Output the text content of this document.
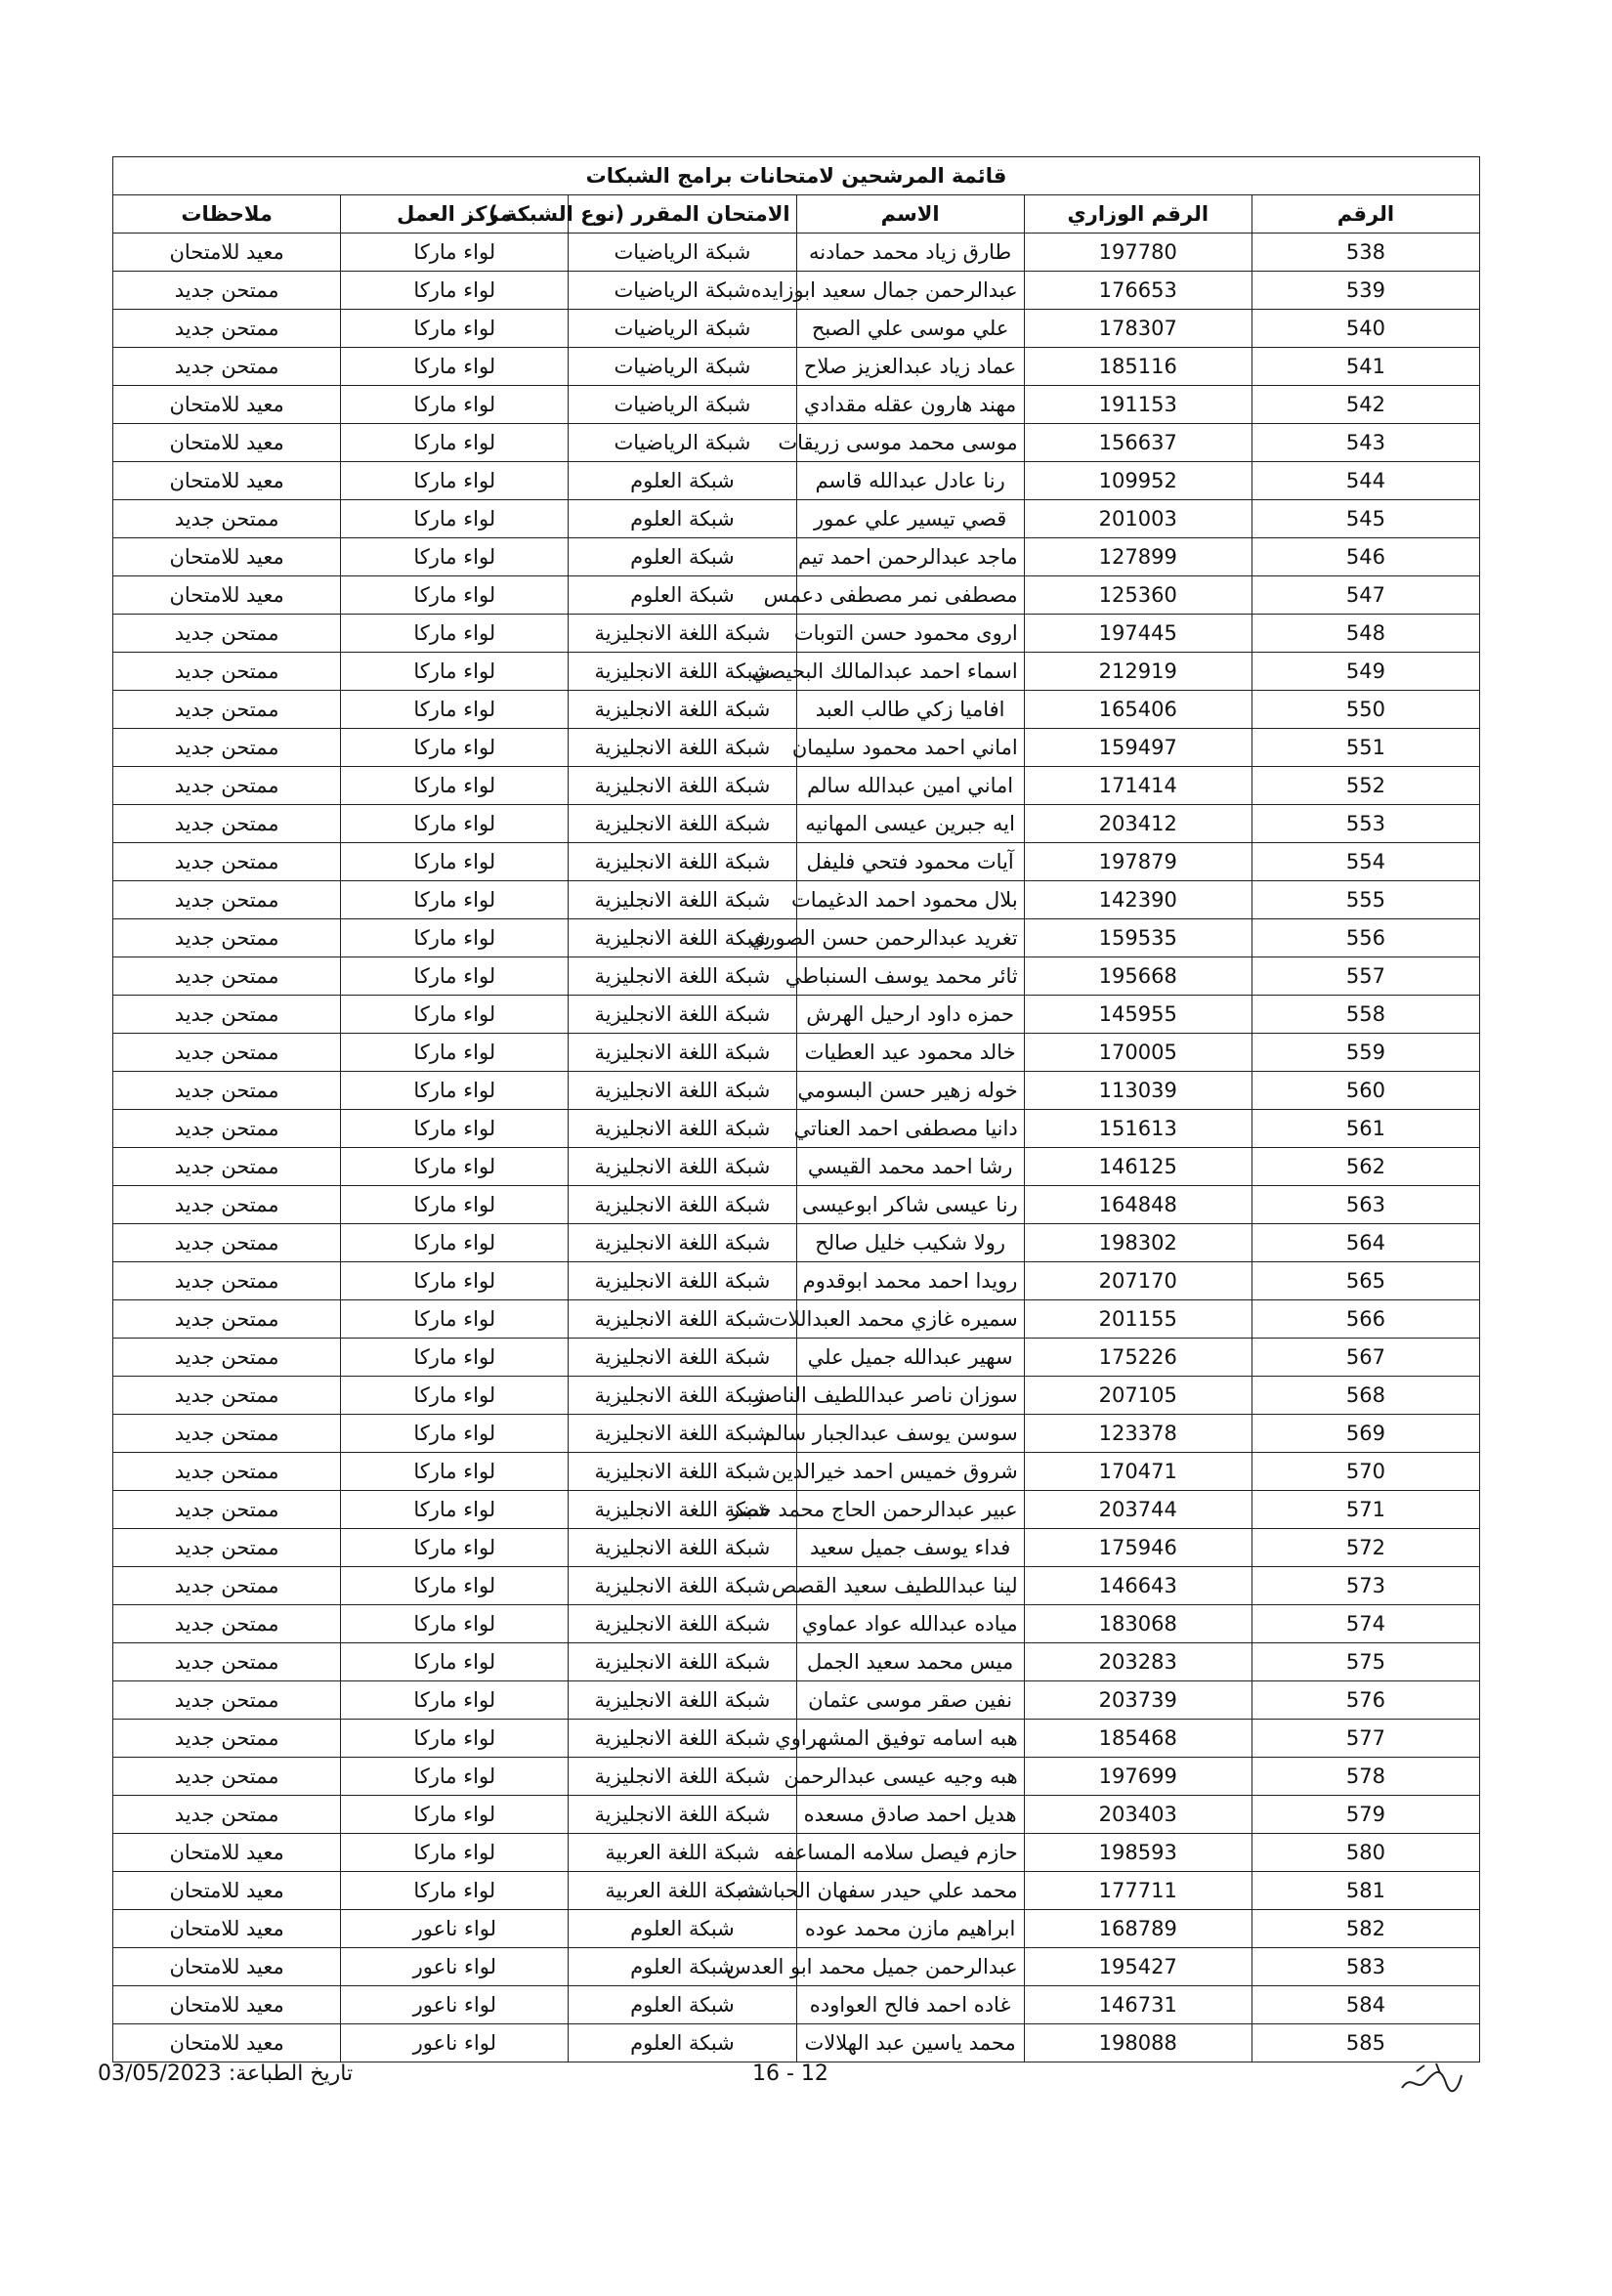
قائمة المرشحين لامتحانات برامج الشبكات					
الرقم	الرقم الوزاري	الاسم	الامتحان المقرر (نوع الشبكة )	مركز العمل	ملاحظات
538	197780	طارق زياد محمد حمادنه	شبكة الرياضيات	لواء ماركا	معيد للامتحان
539	176653	عبدالرحمن جمال سعيد ابوزايده	شبكة الرياضيات	لواء ماركا	ممتحن جديد
540	178307	علي موسى علي الصبح	شبكة الرياضيات	لواء ماركا	ممتحن جديد
541	185116	عماد زياد عبدالعزيز صلاح	شبكة الرياضيات	لواء ماركا	ممتحن جديد
542	191153	مهند هارون عقله مقدادي	شبكة الرياضيات	لواء ماركا	معيد للامتحان
543	156637	موسى محمد موسى زريقات	شبكة الرياضيات	لواء ماركا	معيد للامتحان
544	109952	رنا عادل عبدالله قاسم	شبكة العلوم	لواء ماركا	معيد للامتحان
545	201003	قصي تيسير علي عمور	شبكة العلوم	لواء ماركا	ممتحن جديد
546	127899	ماجد عبدالرحمن احمد تيم	شبكة العلوم	لواء ماركا	معيد للامتحان
547	125360	مصطفى نمر مصطفى دعمس	شبكة العلوم	لواء ماركا	معيد للامتحان
548	197445	اروى محمود حسن التوبات	شبكة اللغة الانجليزية	لواء ماركا	ممتحن جديد
549	212919	اسماء احمد عبدالمالك البحيصي	شبكة اللغة الانجليزية	لواء ماركا	ممتحن جديد
550	165406	افاميا زكي طالب العبد	شبكة اللغة الانجليزية	لواء ماركا	ممتحن جديد
551	159497	اماني احمد محمود سليمان	شبكة اللغة الانجليزية	لواء ماركا	ممتحن جديد
552	171414	اماني امين عبدالله سالم	شبكة اللغة الانجليزية	لواء ماركا	ممتحن جديد
553	203412	ايه جبرين عيسى المهانيه	شبكة اللغة الانجليزية	لواء ماركا	ممتحن جديد
554	197879	آيات محمود فتحي فليفل	شبكة اللغة الانجليزية	لواء ماركا	ممتحن جديد
555	142390	بلال محمود احمد الدغيمات	شبكة اللغة الانجليزية	لواء ماركا	ممتحن جديد
556	159535	تغريد عبدالرحمن حسن الصوري	شبكة اللغة الانجليزية	لواء ماركا	ممتحن جديد
557	195668	ثائر محمد يوسف السنباطي	شبكة اللغة الانجليزية	لواء ماركا	ممتحن جديد
558	145955	حمزه داود ارحيل الهرش	شبكة اللغة الانجليزية	لواء ماركا	ممتحن جديد
559	170005	خالد محمود عيد العطيات	شبكة اللغة الانجليزية	لواء ماركا	ممتحن جديد
560	113039	خوله زهير حسن البسومي	شبكة اللغة الانجليزية	لواء ماركا	ممتحن جديد
561	151613	دانيا مصطفى احمد العناتي	شبكة اللغة الانجليزية	لواء ماركا	ممتحن جديد
562	146125	رشا احمد محمد القيسي	شبكة اللغة الانجليزية	لواء ماركا	ممتحن جديد
563	164848	رنا عيسى شاكر ابوعيسى	شبكة اللغة الانجليزية	لواء ماركا	ممتحن جديد
564	198302	رولا شكيب خليل صالح	شبكة اللغة الانجليزية	لواء ماركا	ممتحن جديد
565	207170	رويدا احمد محمد ابوقدوم	شبكة اللغة الانجليزية	لواء ماركا	ممتحن جديد
566	201155	سميره غازي محمد العبداللات	شبكة اللغة الانجليزية	لواء ماركا	ممتحن جديد
567	175226	سهير عبدالله جميل علي	شبكة اللغة الانجليزية	لواء ماركا	ممتحن جديد
568	207105	سوزان ناصر عبداللطيف الناصر	شبكة اللغة الانجليزية	لواء ماركا	ممتحن جديد
569	123378	سوسن يوسف عبدالجبار سالم	شبكة اللغة الانجليزية	لواء ماركا	ممتحن جديد
570	170471	شروق خميس احمد خيرالدين	شبكة اللغة الانجليزية	لواء ماركا	ممتحن جديد
571	203744	عبير عبدالرحمن الحاج محمد خضر	شبكة اللغة الانجليزية	لواء ماركا	ممتحن جديد
572	175946	فداء يوسف جميل سعيد	شبكة اللغة الانجليزية	لواء ماركا	ممتحن جديد
573	146643	لينا عبداللطيف سعيد القصص	شبكة اللغة الانجليزية	لواء ماركا	ممتحن جديد
574	183068	مياده عبدالله عواد عماوي	شبكة اللغة الانجليزية	لواء ماركا	ممتحن جديد
575	203283	ميس محمد سعيد الجمل	شبكة اللغة الانجليزية	لواء ماركا	ممتحن جديد
576	203739	نفين صقر موسى عثمان	شبكة اللغة الانجليزية	لواء ماركا	ممتحن جديد
577	185468	هبه اسامه توفيق المشهراوي	شبكة اللغة الانجليزية	لواء ماركا	ممتحن جديد
578	197699	هبه وجيه عيسى عبدالرحمن	شبكة اللغة الانجليزية	لواء ماركا	ممتحن جديد
579	203403	هديل احمد صادق مسعده	شبكة اللغة الانجليزية	لواء ماركا	ممتحن جديد
580	198593	حازم فيصل سلامه المساعفه	شبكة اللغة العربية	لواء ماركا	معيد للامتحان
581	177711	محمد علي حيدر سفهان الحباشنه	شبكة اللغة العربية	لواء ماركا	معيد للامتحان
582	168789	ابراهيم مازن محمد عوده	شبكة العلوم	لواء ناعور	معيد للامتحان
583	195427	عبدالرحمن جميل محمد ابو العدس	شبكة العلوم	لواء ناعور	معيد للامتحان
584	146731	غاده احمد فالح العواوده	شبكة العلوم	لواء ناعور	معيد للامتحان
585	198088	محمد ياسين عبد الهلالات	شبكة العلوم	لواء ناعور	معيد للامتحان
تاريخ الطباعة: 03/05/2023	16 - 12
